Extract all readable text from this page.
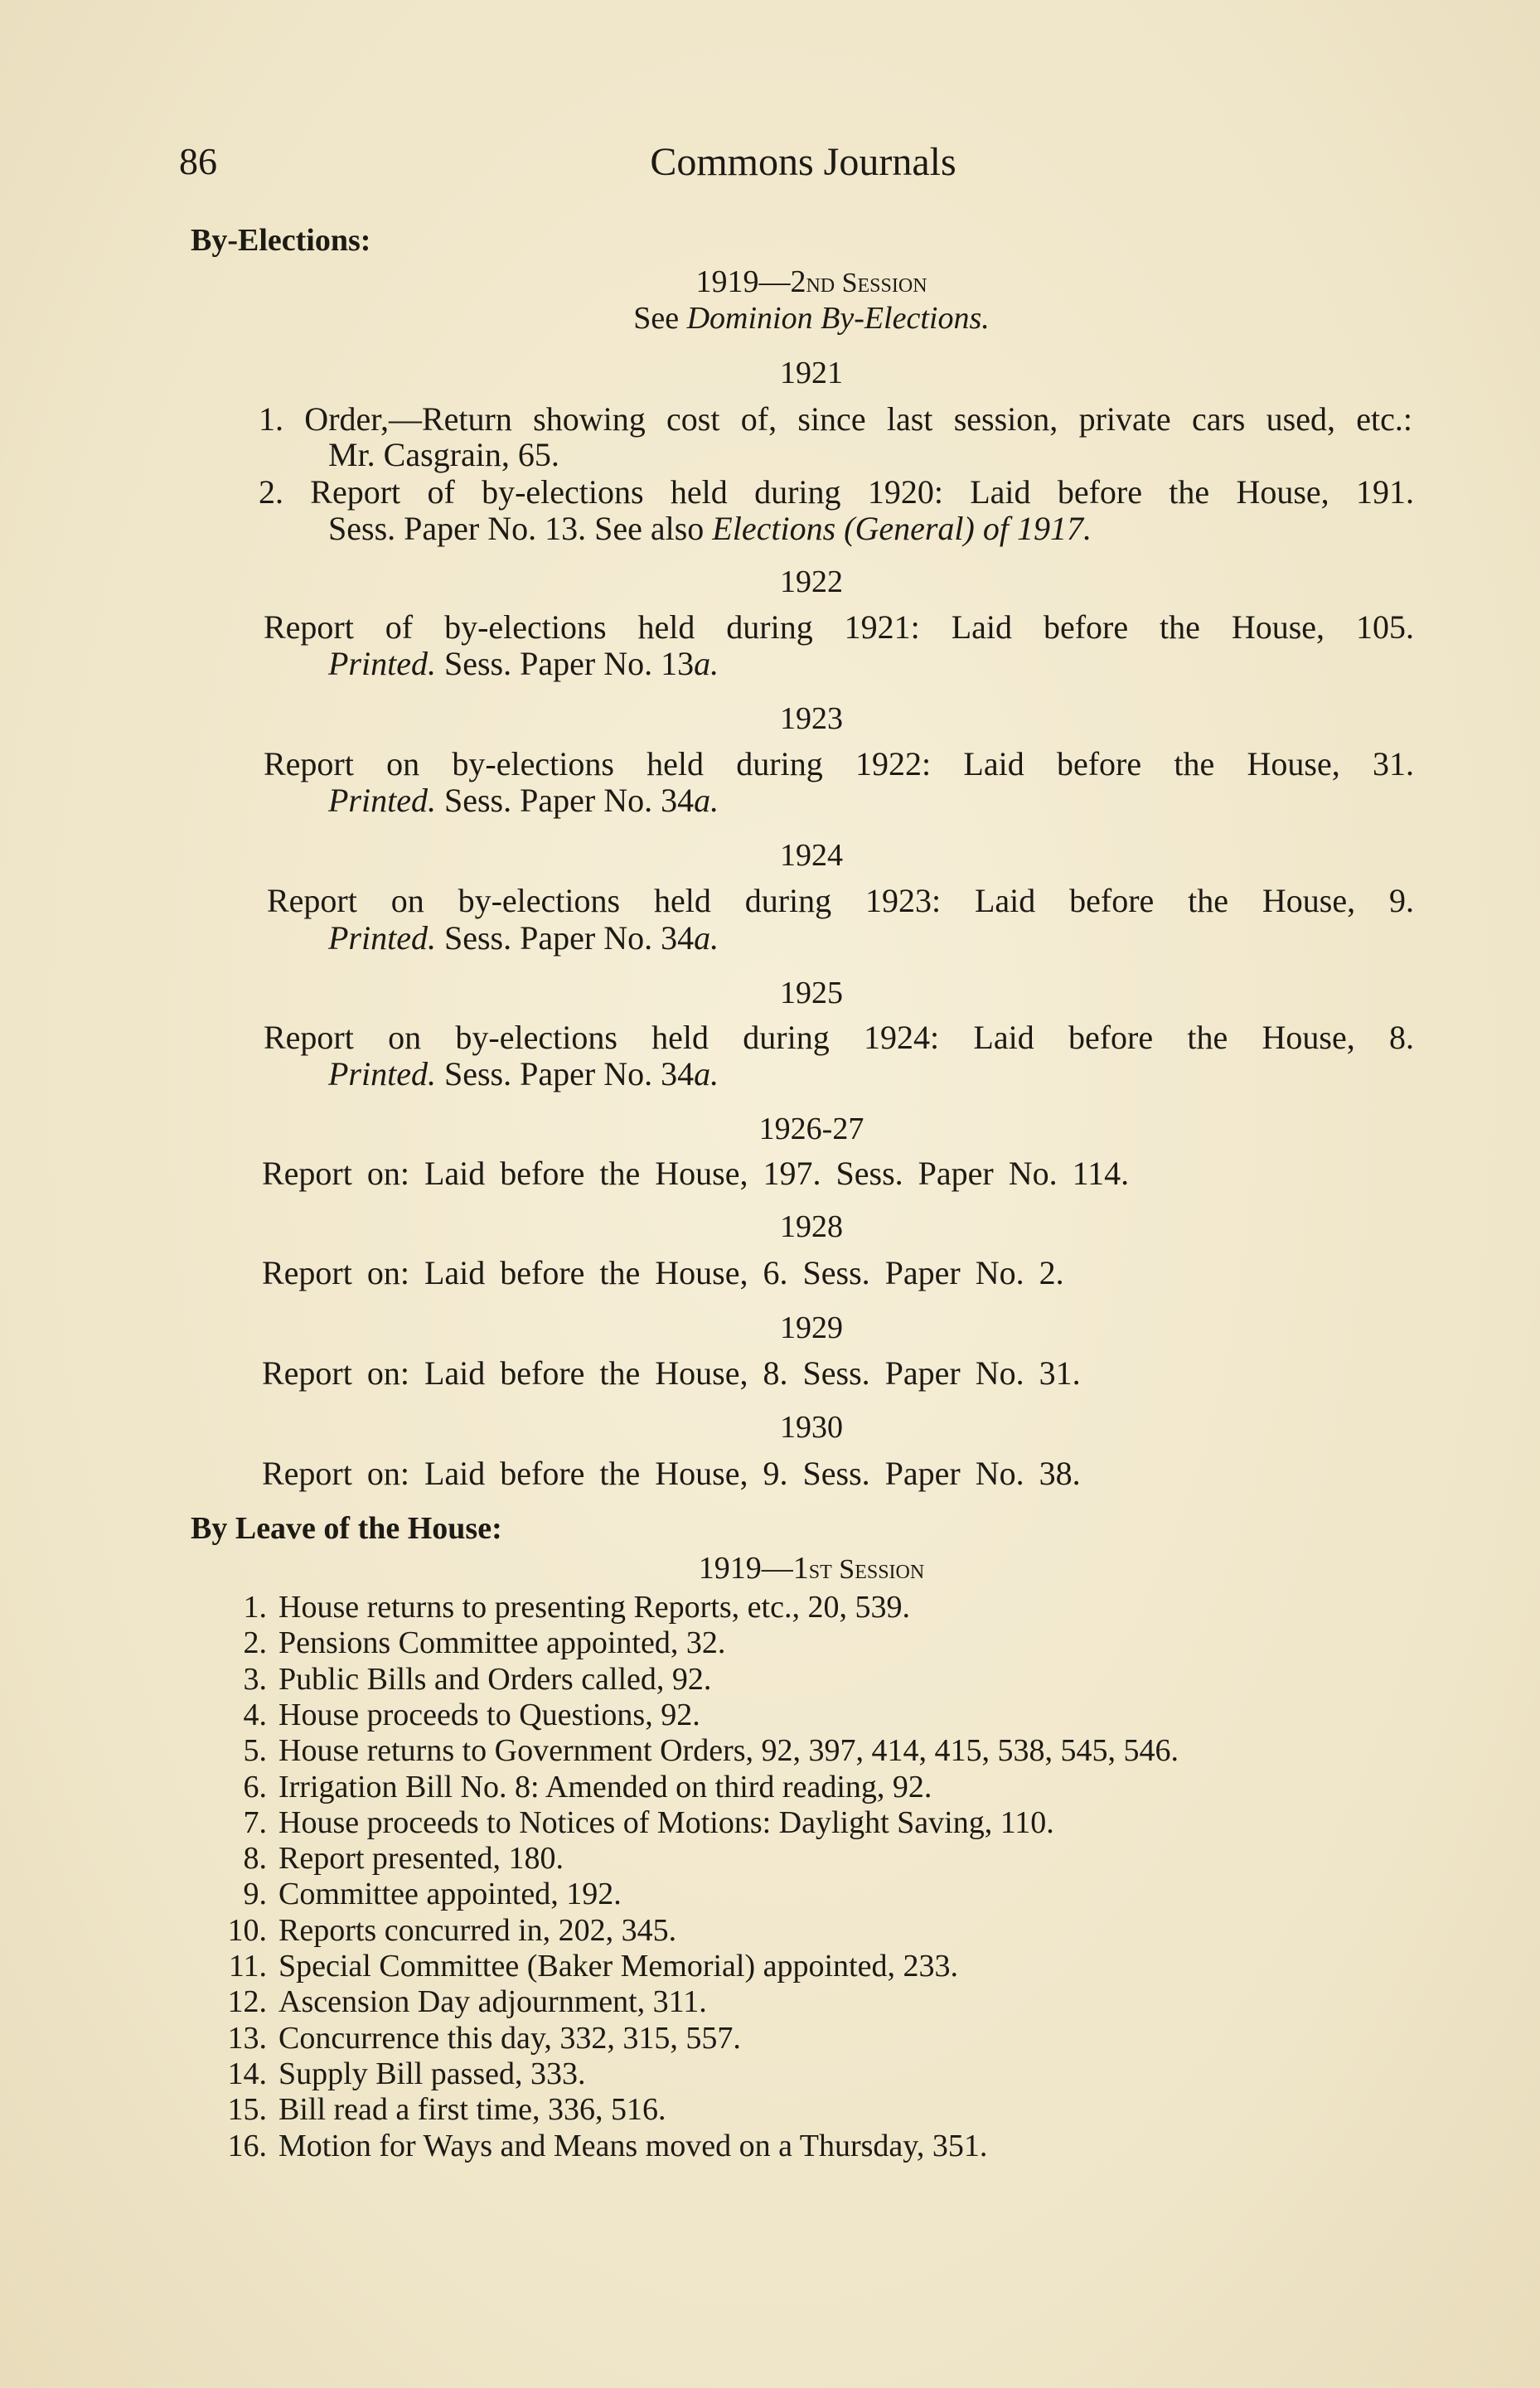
86	Commons Journals
By-Elections:
1919—2nd Session
See Dominion By-Elections.
1921
1. Order,—Return showing cost of, since last session, private cars used, etc.:
Mr. Casgrain, 65.
2. Report of by-elections held during 1920: Laid before the House, 191.
Sess. Paper No. 13. See also Elections (General) of 1917.
1922
Report of by-elections held during 1921: Laid before the House, 105.
Printed. Sess. Paper No. 13a.
1923
Report on by-elections held during 1922: Laid before the House, 31.
Printed. Sess. Paper No. 34a.
1924
Report on by-elections held during 1923: Laid before the House, 9.
Printed. Sess. Paper No. 34a.
1925
Report on by-elections held during 1924: Laid before the House, 8.
Printed. Sess. Paper No. 34a.
1926-27
Report on: Laid before the House, 197. Sess. Paper No. 114.
1928
Report on: Laid before the House, 6. Sess. Paper No. 2.
1929
Report on: Laid before the House, 8. Sess. Paper No. 31.
1930
Report on: Laid before the House, 9. Sess. Paper No. 38.
By Leave of the House:
1919—1st Session
1. House returns to presenting Reports, etc., 20, 539.
2. Pensions Committee appointed, 32.
3. Public Bills and Orders called, 92.
4. House proceeds to Questions, 92.
5. House returns to Government Orders, 92, 397, 414, 415, 538, 545, 546.
6. Irrigation Bill No. 8: Amended on third reading, 92.
7. House proceeds to Notices of Motions: Daylight Saving, 110.
8. Report presented, 180.
9. Committee appointed, 192.
10. Reports concurred in, 202, 345.
11. Special Committee (Baker Memorial) appointed, 233.
12. Ascension Day adjournment, 311.
13. Concurrence this day, 332, 315, 557.
14. Supply Bill passed, 333.
15. Bill read a first time, 336, 516.
16. Motion for Ways and Means moved on a Thursday, 351.
